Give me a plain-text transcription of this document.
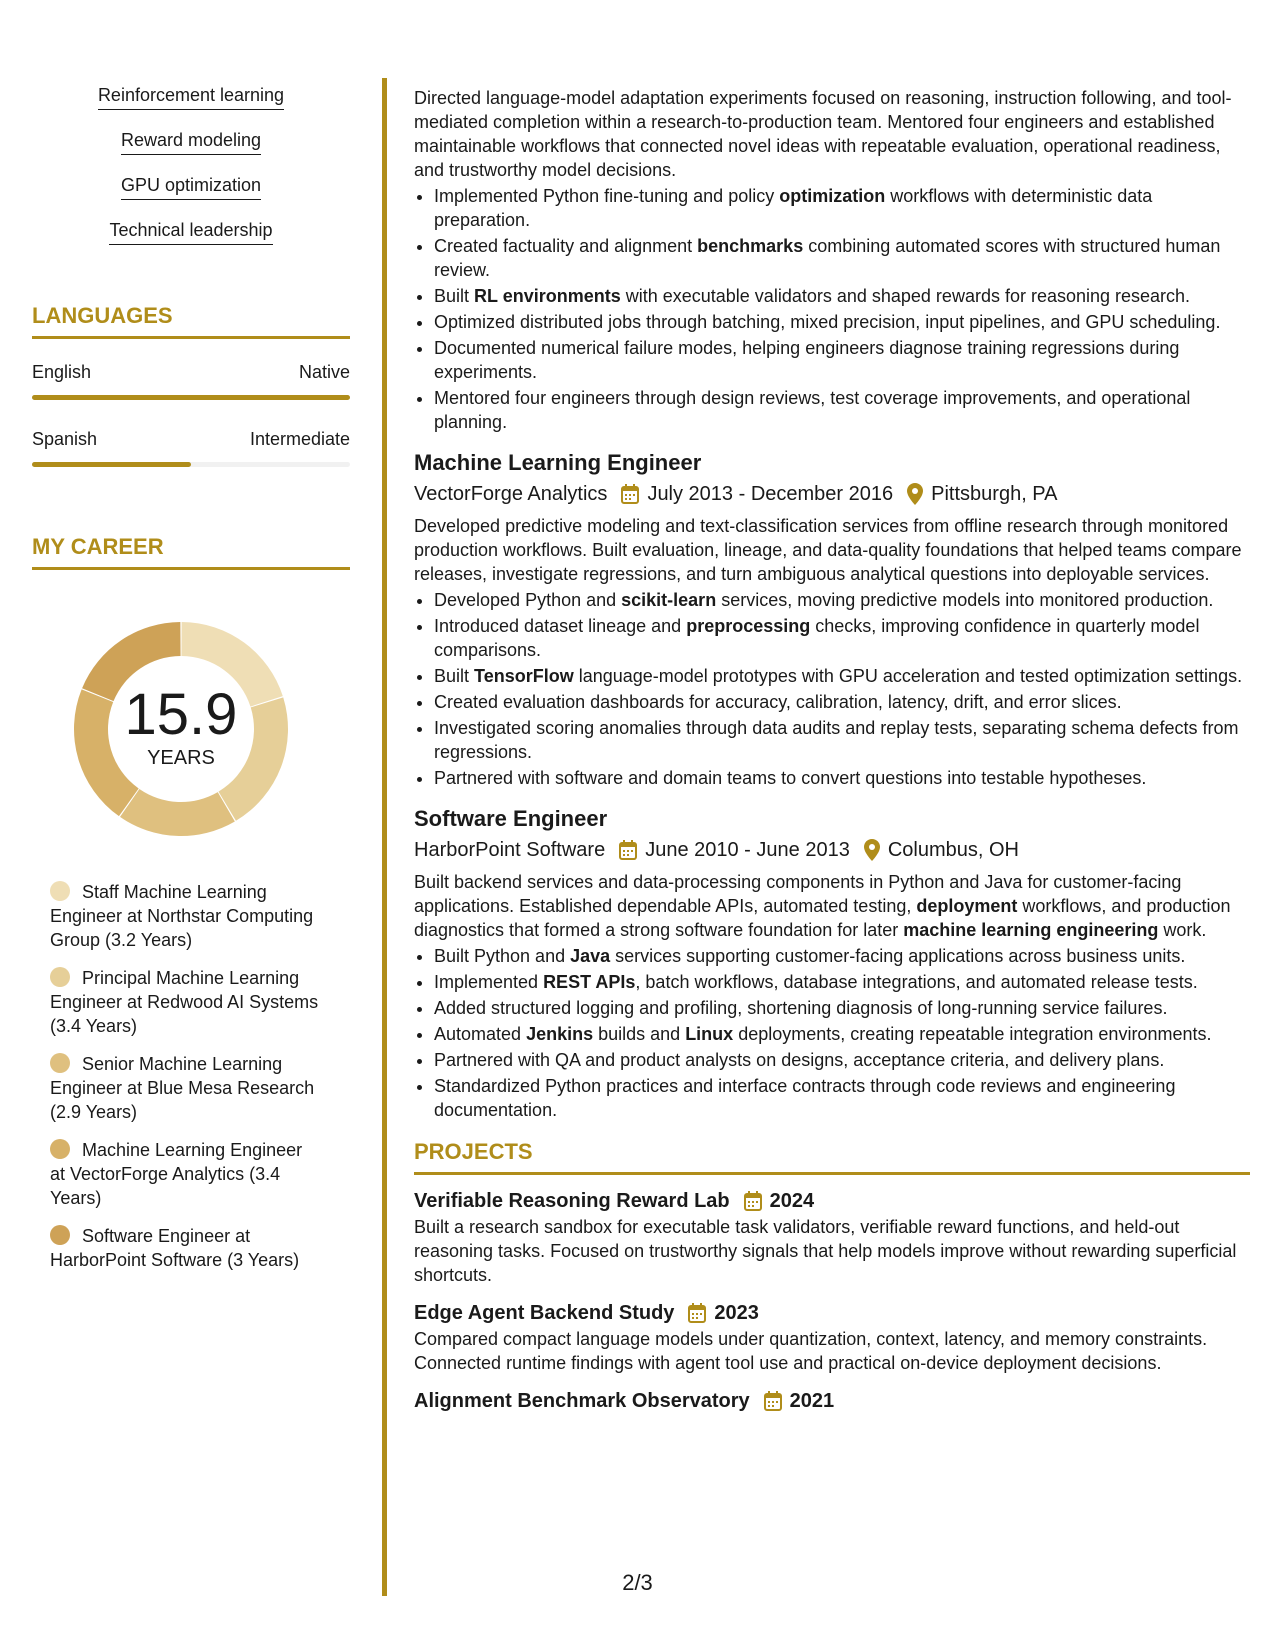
Reinforcement learning
Reward modeling
GPU optimization
Technical leadership
LANGUAGES
English	Native
Spanish	Intermediate
MY CAREER
15.9
YEARS
Staff Machine Learning Engineer at Northstar Computing Group (3.2 Years)
Principal Machine Learning Engineer at Redwood AI Systems (3.4 Years)
Senior Machine Learning Engineer at Blue Mesa Research (2.9 Years)
Machine Learning Engineer at VectorForge Analytics (3.4 Years)
Software Engineer at HarborPoint Software (3 Years)

Directed language-model adaptation experiments focused on reasoning, instruction following, and tool-mediated completion within a research-to-production team. Mentored four engineers and established maintainable workflows that connected novel ideas with repeatable evaluation, operational readiness, and trustworthy model decisions.

• Implemented Python fine-tuning and policy optimization workflows with deterministic data preparation.
• Created factuality and alignment benchmarks combining automated scores with structured human review.
• Built RL environments with executable validators and shaped rewards for reasoning research.
• Optimized distributed jobs through batching, mixed precision, input pipelines, and GPU scheduling.
• Documented numerical failure modes, helping engineers diagnose training regressions during experiments.
• Mentored four engineers through design reviews, test coverage improvements, and operational planning.
Machine Learning Engineer
VectorForge Analytics July 2013 - December 2016 Pittsburgh, PA

Developed predictive modeling and text-classification services from offline research through monitored production workflows. Built evaluation, lineage, and data-quality foundations that helped teams compare releases, investigate regressions, and turn ambiguous analytical questions into deployable services.

• Developed Python and scikit-learn services, moving predictive models into monitored production.
• Introduced dataset lineage and preprocessing checks, improving confidence in quarterly model comparisons.
• Built TensorFlow language-model prototypes with GPU acceleration and tested optimization settings.
• Created evaluation dashboards for accuracy, calibration, latency, drift, and error slices.
• Investigated scoring anomalies through data audits and replay tests, separating schema defects from regressions.
• Partnered with software and domain teams to convert questions into testable hypotheses.
Software Engineer
HarborPoint Software June 2010 - June 2013 Columbus, OH

Built backend services and data-processing components in Python and Java for customer-facing applications. Established dependable APIs, automated testing, deployment workflows, and production diagnostics that formed a strong software foundation for later machine learning engineering work.

• Built Python and Java services supporting customer-facing applications across business units.
• Implemented REST APIs, batch workflows, database integrations, and automated release tests.
• Added structured logging and profiling, shortening diagnosis of long-running service failures.
• Automated Jenkins builds and Linux deployments, creating repeatable integration environments.
• Partnered with QA and product analysts on designs, acceptance criteria, and delivery plans.
• Standardized Python practices and interface contracts through code reviews and engineering documentation.
PROJECTS
Verifiable Reasoning Reward Lab 2024

Built a research sandbox for executable task validators, verifiable reward functions, and held-out reasoning tasks. Focused on trustworthy signals that help models improve without rewarding superficial shortcuts.

Edge Agent Backend Study 2023

Compared compact language models under quantization, context, latency, and memory constraints. Connected runtime findings with agent tool use and practical on-device deployment decisions.

Alignment Benchmark Observatory 2021
2/3
